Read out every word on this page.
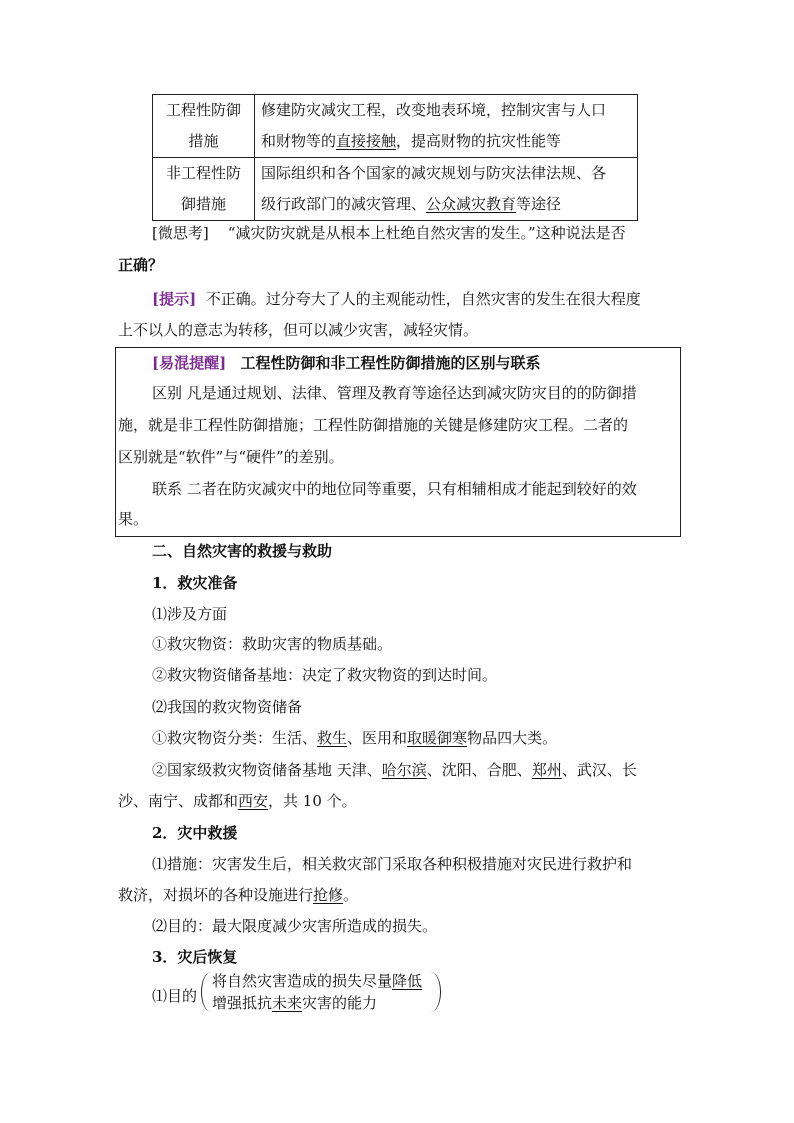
工程性防御
措施	修建防灾减灾工程，改变地表环境，控制灾害与人口
和财物等的直接接触，提高财物的抗灾性能等
非工程性防
御措施	国际组织和各个国家的减灾规划与防灾法律法规、各
级行政部门的减灾管理、公众减灾教育等途径
[微思考] “减灾防灾就是从根本上杜绝自然灾害的发生。”这种说法是否
正确？
[提示] 不正确。过分夸大了人的主观能动性，自然灾害的发生在很大程度
上不以人的意志为转移，但可以减少灾害，减轻灾情。
[易混提醒] 工程性防御和非工程性防御措施的区别与联系
区别 凡是通过规划、法律、管理及教育等途径达到减灾防灾目的的防御措
施，就是非工程性防御措施；工程性防御措施的关键是修建防灾工程。二者的
区别就是“软件”与“硬件”的差别。
联系 二者在防灾减灾中的地位同等重要，只有相辅相成才能起到较好的效
果。
二、自然灾害的救援与救助
1．救灾准备
⑴涉及方面
①救灾物资：救助灾害的物质基础。
②救灾物资储备基地：决定了救灾物资的到达时间。
⑵我国的救灾物资储备
①救灾物资分类：生活、救生、医用和取暖御寒物品四大类。
②国家级救灾物资储备基地 天津、哈尔滨、沈阳、合肥、郑州、武汉、长
沙、南宁、成都和西安，共 10 个。
2．灾中救援
⑴措施：灾害发生后，相关救灾部门采取各种积极措施对灾民进行救护和
救济，对损坏的各种设施进行抢修。
⑵目的：最大限度减少灾害所造成的损失。
3．灾后恢复
⑴目的
将自然灾害造成的损失尽量降低
增强抵抗未来灾害的能力
